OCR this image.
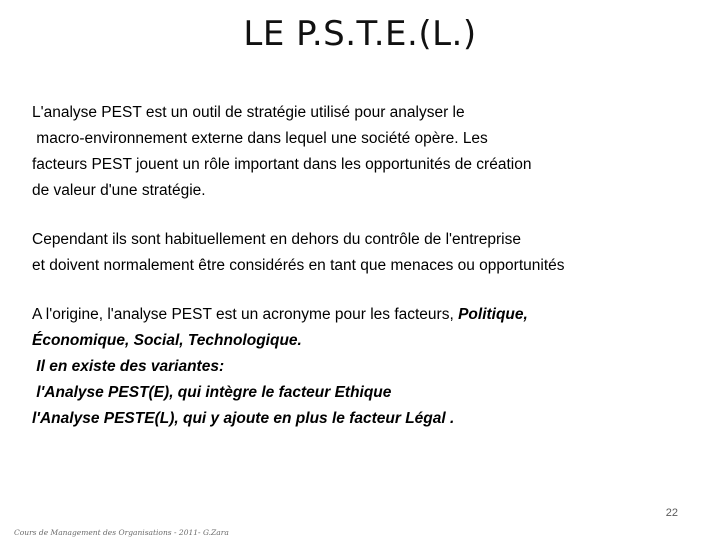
LE P.S.T.E.(L.)
L'analyse PEST est un outil de stratégie utilisé pour analyser le
macro-environnement externe dans lequel une société opère. Les
facteurs PEST jouent un rôle important dans les opportunités de création
de valeur d'une stratégie.
Cependant ils sont habituellement en dehors du contrôle de l'entreprise
et doivent normalement être considérés en tant que menaces ou opportunités
A l'origine, l'analyse PEST est un acronyme pour les facteurs, Politique,
Économique, Social, Technologique.
Il en existe des variantes:
l'Analyse PEST(E), qui intègre le facteur Ethique
l'Analyse PESTE(L), qui y ajoute en plus le facteur Légal .
22
Cours de Management des Organisations - 2011- G.Zara
